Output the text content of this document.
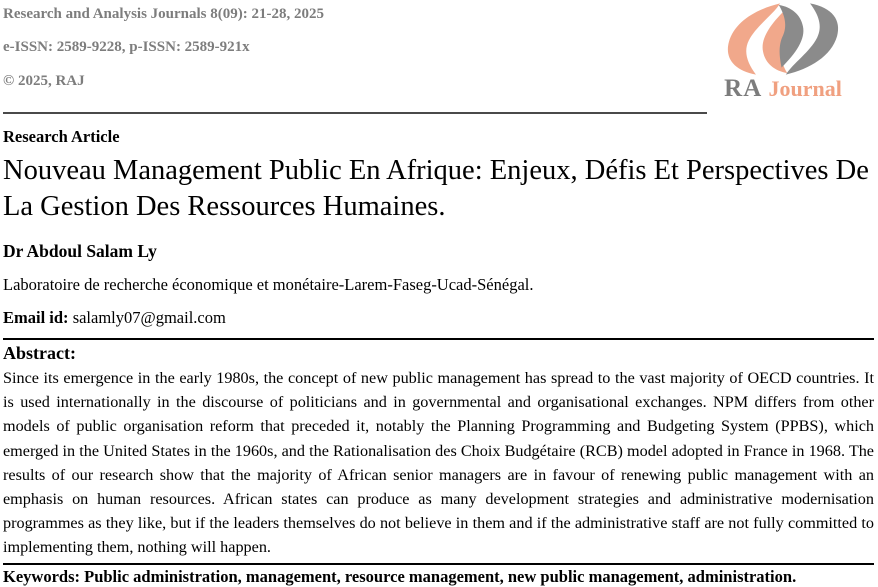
Research and Analysis Journals 8(09): 21-28, 2025
e-ISSN: 2589-9228, p-ISSN: 2589-921x
© 2025, RAJ	RA Journal
Research Article
Nouveau Management Public En Afrique: Enjeux, Défis Et Perspectives De La Gestion Des Ressources Humaines.
Dr Abdoul Salam Ly
Laboratoire de recherche économique et monétaire-Larem-Faseg-Ucad-Sénégal.
Email id: salamly07@gmail.com
Abstract:
Since its emergence in the early 1980s, the concept of new public management has spread to the vast majority of OECD countries. It is used internationally in the discourse of politicians and in governmental and organisational exchanges. NPM differs from other models of public organisation reform that preceded it, notably the Planning Programming and Budgeting System (PPBS), which emerged in the United States in the 1960s, and the Rationalisation des Choix Budgétaire (RCB) model adopted in France in 1968. The results of our research show that the majority of African senior managers are in favour of renewing public management with an emphasis on human resources. African states can produce as many development strategies and administrative modernisation programmes as they like, but if the leaders themselves do not believe in them and if the administrative staff are not fully committed to implementing them, nothing will happen.
Keywords: Public administration, management, resource management, new public management, administration.
